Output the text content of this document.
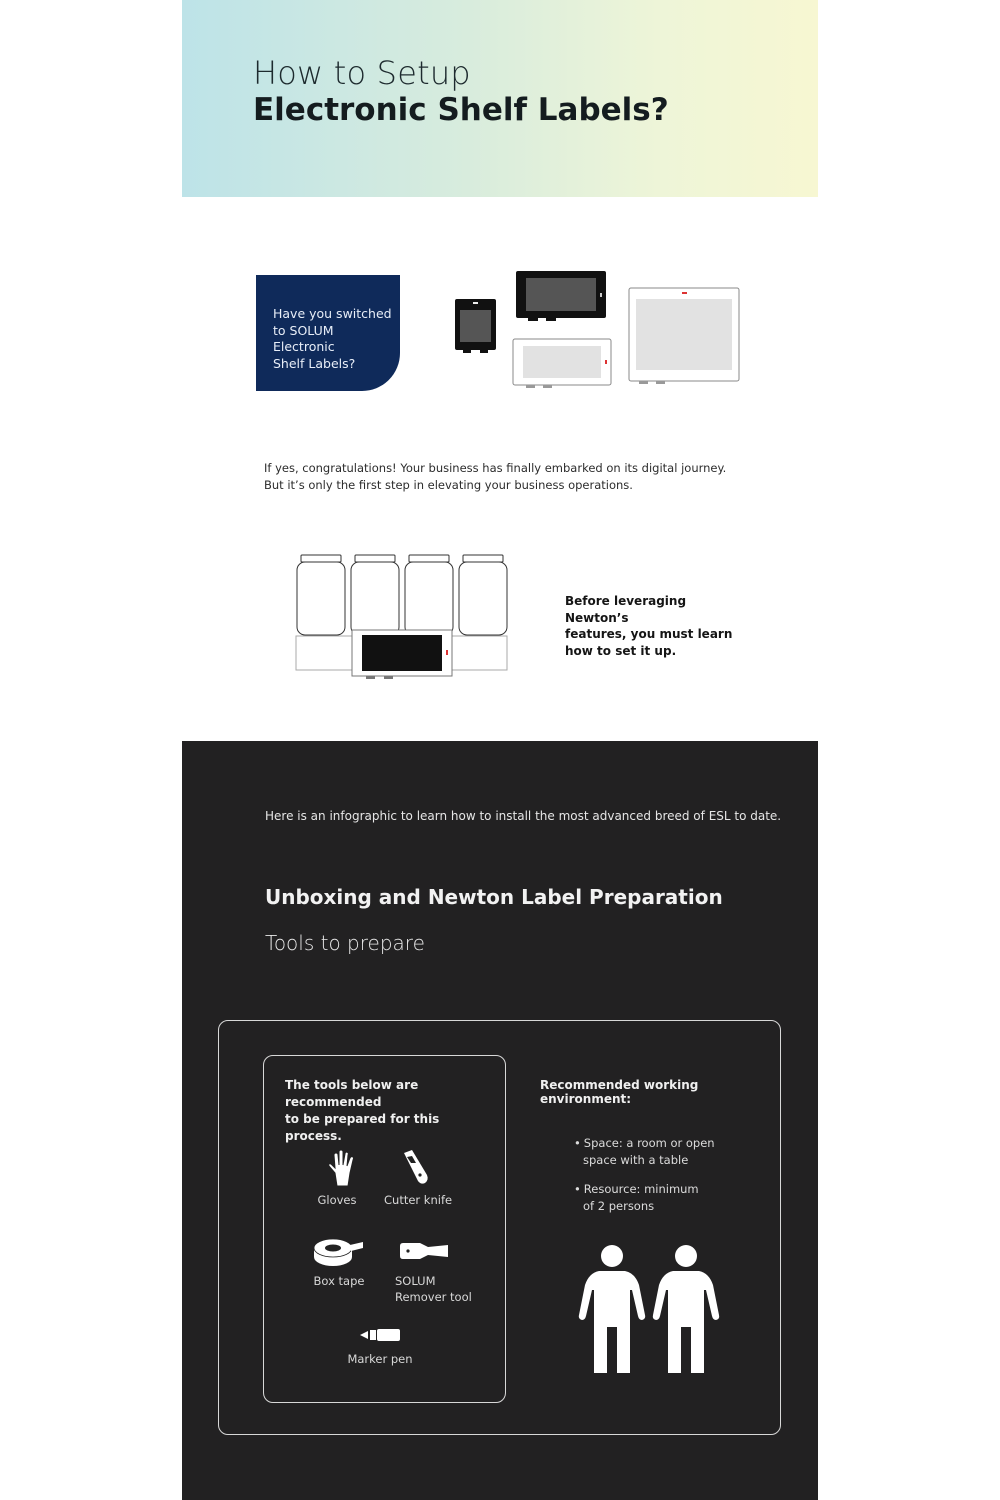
How to Setup
Electronic Shelf Labels?
Have you switched
to SOLUM Electronic
Shelf Labels?
If yes, congratulations! Your business has finally embarked on its digital journey.
But it’s only the first step in elevating your business operations.
Before leveraging Newton’s
features, you must learn
how to set it up.
Here is an infographic to learn how to install the most advanced breed of ESL to date.
Unboxing and Newton Label Preparation
Tools to prepare
The tools below are recommended
to be prepared for this process.
Gloves Cutter knife
Box tape	SOLUM
Remover tool
Marker pen
Recommended working environment:
• Space: a room or open
space with a table
• Resource: minimum
of 2 persons
